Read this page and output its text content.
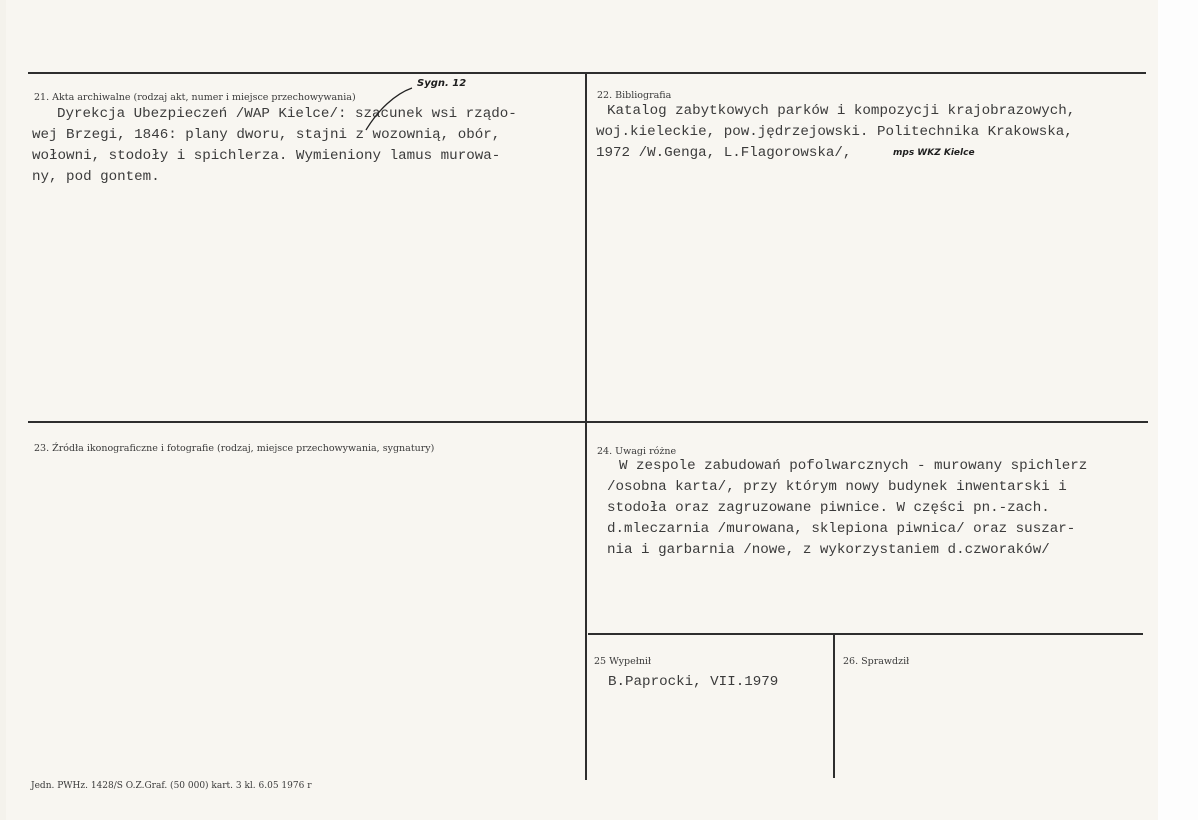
21. Akta archiwalne (rodzaj akt, numer i miejsce przechowywania)
Dyrekcja Ubezpieczeń /WAP Kielce/: szacunek wsi rządo-
wej Brzegi, 1846: plany dworu, stajni z wozownią, obór,
wołowni, stodoły i spichlerza. Wymieniony lamus murowa-
ny, pod gontem.
Sygn. 12
22. Bibliografia
Katalog zabytkowych parków i kompozycji krajobrazowych,
woj.kieleckie, pow.jędrzejowski. Politechnika Krakowska,
1972 /W.Genga, L.Flagorowska/,	mps WKZ Kielce
23. Źródła ikonograficzne i fotografie (rodzaj, miejsce przechowywania, sygnatury)	24. Uwagi różne
W zespole zabudowań pofolwarcznych - murowany spichlerz
/osobna karta/, przy którym nowy budynek inwentarski i
stodoła oraz zagruzowane piwnice. W części pn.-zach.
d.mleczarnia /murowana, sklepiona piwnica/ oraz suszar-
nia i garbarnia /nowe, z wykorzystaniem d.czworaków/
25 Wypełnił
B.Paprocki, VII.1979
26. Sprawdził
Jedn. PWHz. 1428/S O.Z.Graf. (50 000) kart. 3 kl. 6.05 1976 r
